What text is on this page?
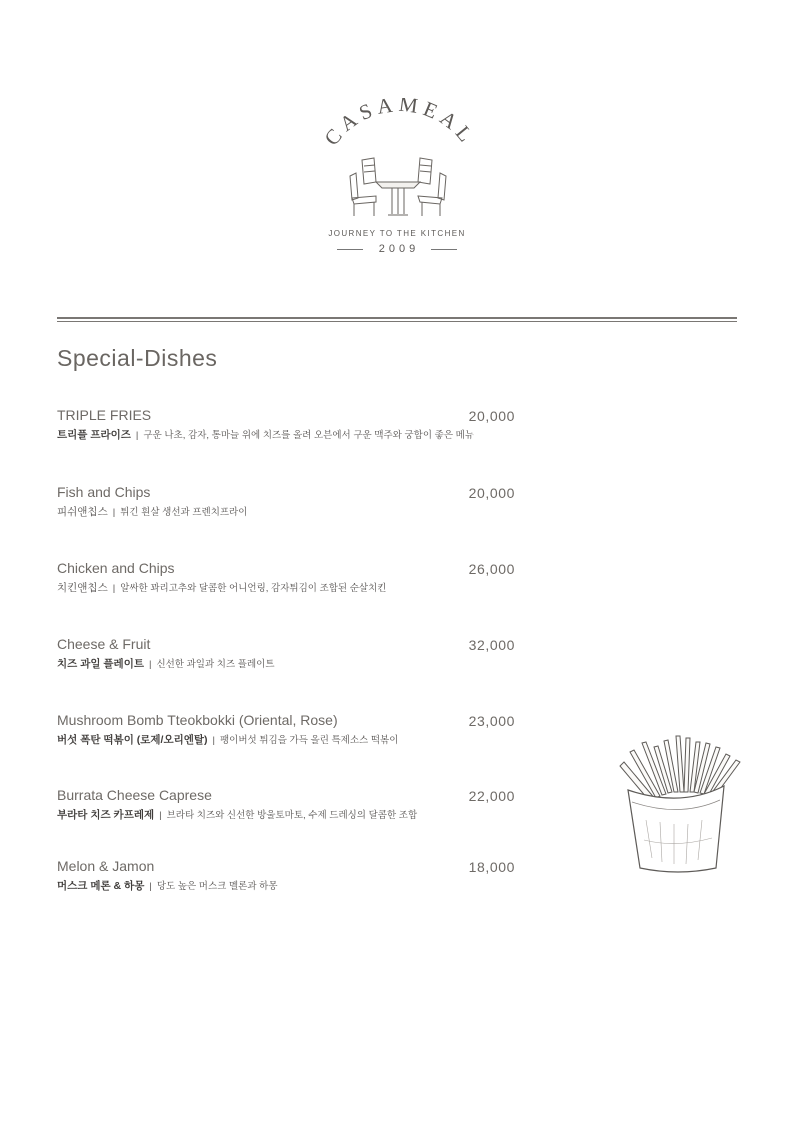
CASAMEAL
JOURNEY TO THE KITCHEN
2009
Special-Dishes
TRIPLE FRIES	20,000
트리플 프라이즈 | 구운 나초, 감자, 통마늘 위에 치즈를 올려 오븐에서 구운 맥주와 궁합이 좋은 메뉴
Fish and Chips	20,000
피쉬앤칩스 | 튀긴 흰살 생선과 프렌치프라이
Chicken and Chips	26,000
치킨앤칩스 | 알싸한 꽈리고추와 달콤한 어니언링, 감자튀김이 조합된 순살치킨
Cheese & Fruit	32,000
치즈 과일 플레이트 | 신선한 과일과 치즈 플레이트
Mushroom Bomb Tteokbokki (Oriental, Rose)	23,000
버섯 폭탄 떡볶이 (로제/오리엔탈) | 팽이버섯 튀김을 가득 올린 특제소스 떡볶이
Burrata Cheese Caprese	22,000
부라타 치즈 카프레제 | 브라타 치즈와 신선한 방울토마토, 수제 드레싱의 달콤한 조합
Melon & Jamon	18,000
머스크 메론 & 하몽 | 당도 높은 머스크 멜론과 하몽
